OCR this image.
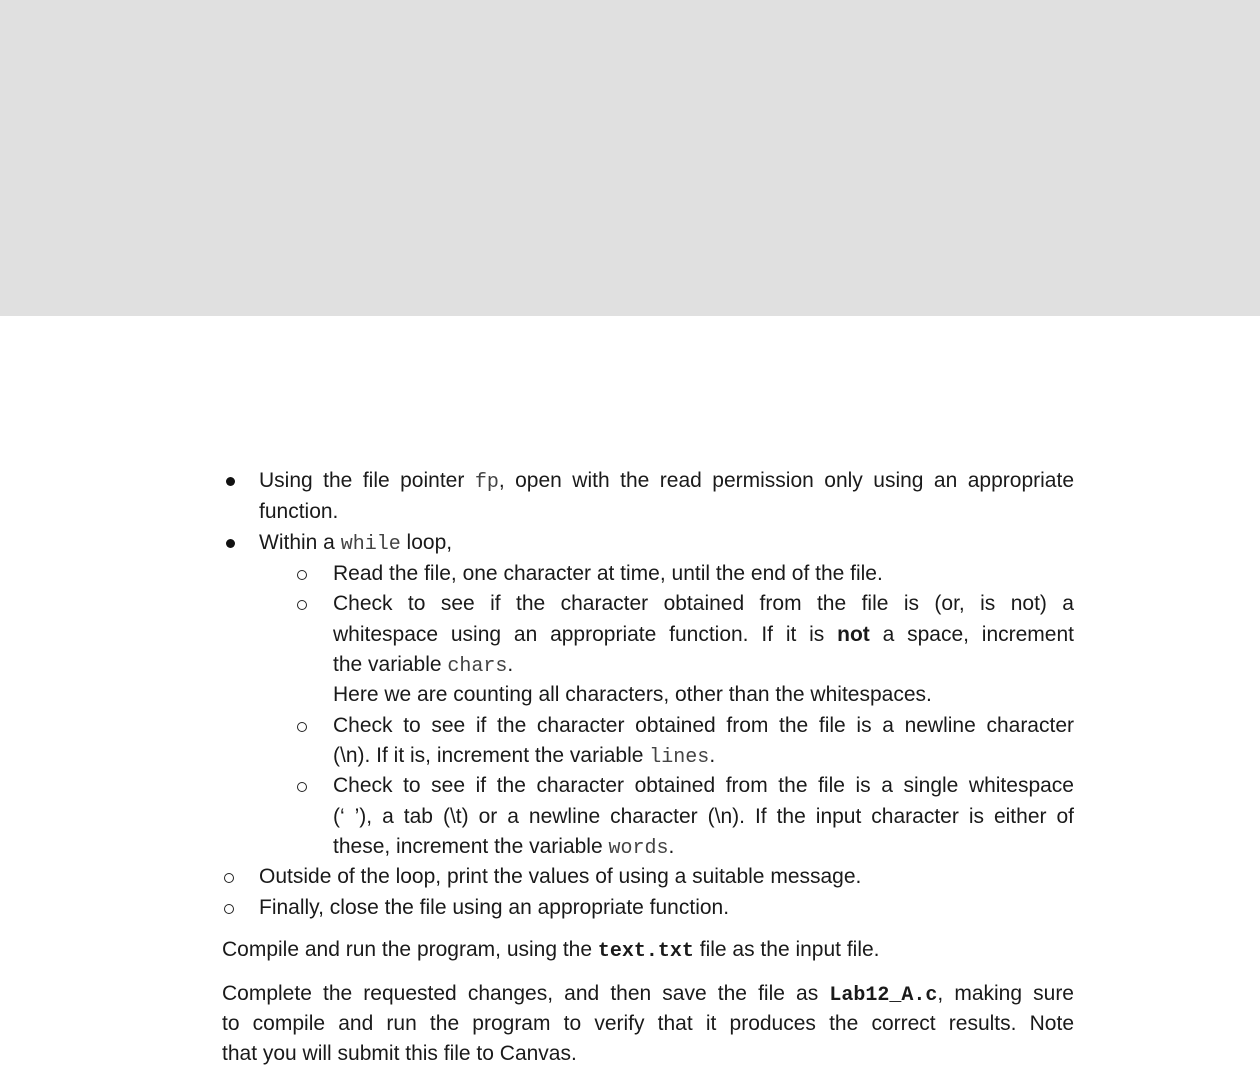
Using the file pointer fp, open with the read permission only using an appropriate
function.
Within a while loop,
Read the file, one character at time, until the end of the file.
Check to see if the character obtained from the file is (or, is not) a
whitespace using an appropriate function. If it is not a space, increment
the variable chars.
Here we are counting all characters, other than the whitespaces.
Check to see if the character obtained from the file is a newline character
(\n). If it is, increment the variable lines.
Check to see if the character obtained from the file is a single whitespace
(‘ ’), a tab (\t) or a newline character (\n). If the input character is either of
these, increment the variable words.
Outside of the loop, print the values of using a suitable message.
Finally, close the file using an appropriate function.
Compile and run the program, using the text.txt file as the input file.
Complete the requested changes, and then save the file as Lab12_A.c, making sure
to compile and run the program to verify that it produces the correct results. Note
that you will submit this file to Canvas.
